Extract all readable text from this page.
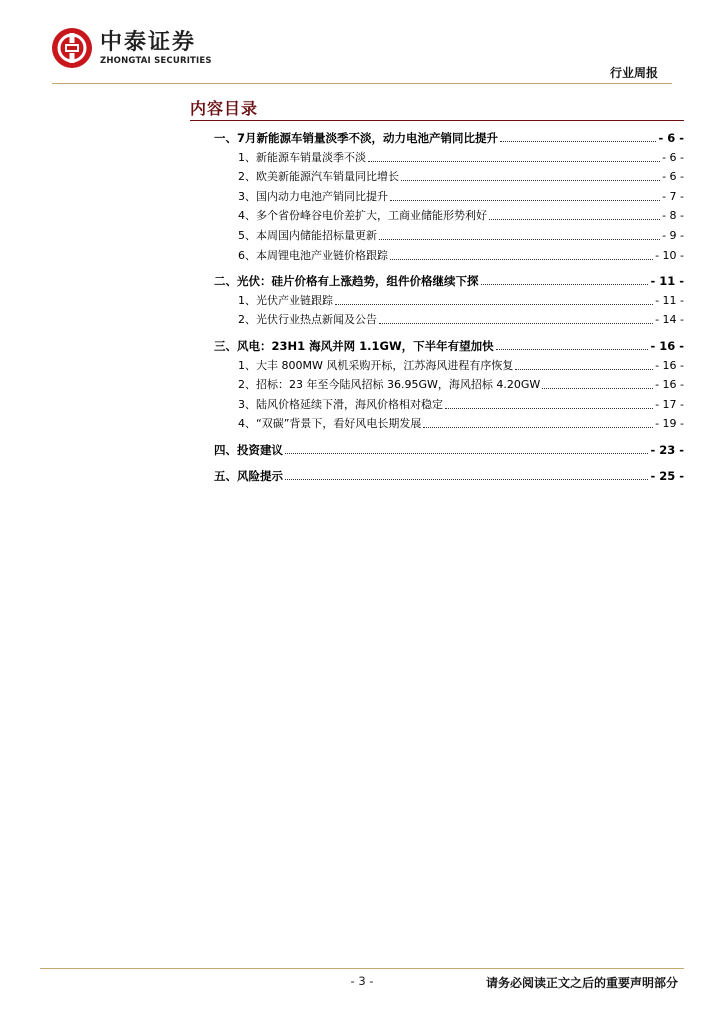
中泰证券
ZHONGTAI SECURITIES
行业周报
内容目录
一、7月新能源车销量淡季不淡，动力电池产销同比提升	- 6 -
1、新能源车销量淡季不淡	- 6 -
2、欧美新能源汽车销量同比增长	- 6 -
3、国内动力电池产销同比提升	- 7 -
4、多个省份峰谷电价差扩大，工商业储能形势利好	- 8 -
5、本周国内储能招标量更新	- 9 -
6、本周锂电池产业链价格跟踪	- 10 -
二、光伏：硅片价格有上涨趋势，组件价格继续下探	- 11 -
1、光伏产业链跟踪	- 11 -
2、光伏行业热点新闻及公告	- 14 -
三、风电：23H1 海风并网 1.1GW，下半年有望加快	- 16 -
1、大丰 800MW 风机采购开标，江苏海风进程有序恢复	- 16 -
2、招标：23 年至今陆风招标 36.95GW，海风招标 4.20GW	- 16 -
3、陆风价格延续下滑，海风价格相对稳定	- 17 -
4、“双碳”背景下，看好风电长期发展	- 19 -
四、投资建议	- 23 -
五、风险提示	- 25 -
- 3 -	请务必阅读正文之后的重要声明部分
